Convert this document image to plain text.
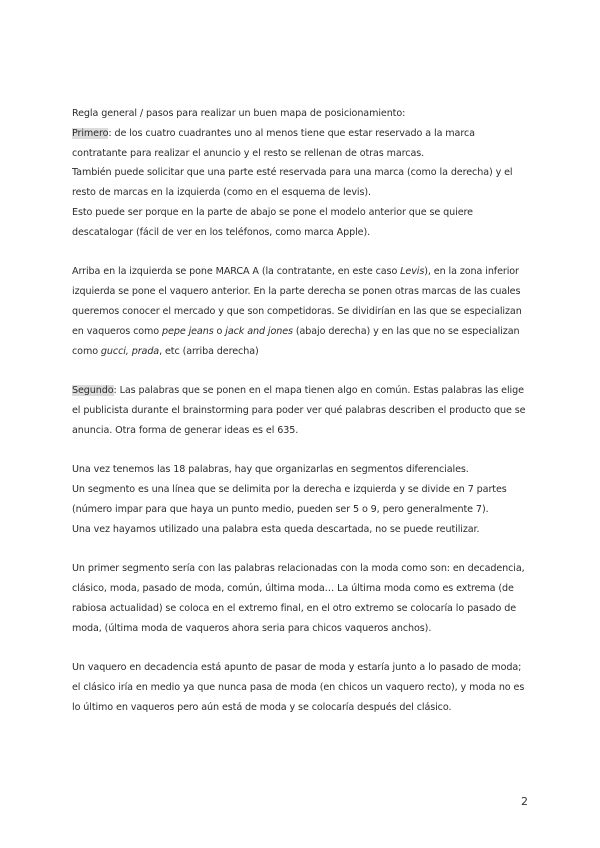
Regla general / pasos para realizar un buen mapa de posicionamiento:

Primero: de los cuatro cuadrantes uno al menos tiene que estar reservado a la marca contratante para realizar el anuncio y el resto se rellenan de otras marcas.

También puede solicitar que una parte esté reservada para una marca (como la derecha) y el resto de marcas en la izquierda (como en el esquema de levis).

Esto puede ser porque en la parte de abajo se pone el modelo anterior que se quiere descatalogar (fácil de ver en los teléfonos, como marca Apple).

Arriba en la izquierda se pone MARCA A (la contratante, en este caso Levis), en la zona inferior izquierda se pone el vaquero anterior. En la parte derecha se ponen otras marcas de las cuales queremos conocer el mercado y que son competidoras. Se dividirían en las que se especializan en vaqueros como pepe jeans o jack and jones (abajo derecha) y en las que no se especializan como gucci, prada, etc (arriba derecha)

Segundo: Las palabras que se ponen en el mapa tienen algo en común. Estas palabras las elige el publicista durante el brainstorming para poder ver qué palabras describen el producto que se anuncia. Otra forma de generar ideas es el 635.

Una vez tenemos las 18 palabras, hay que organizarlas en segmentos diferenciales.

Un segmento es una línea que se delimita por la derecha e izquierda y se divide en 7 partes (número impar para que haya un punto medio, pueden ser 5 o 9, pero generalmente 7).

Una vez hayamos utilizado una palabra esta queda descartada, no se puede reutilizar.

Un primer segmento sería con las palabras relacionadas con la moda como son: en decadencia, clásico, moda, pasado de moda, común, última moda… La última moda como es extrema (de rabiosa actualidad) se coloca en el extremo final, en el otro extremo se colocaría lo pasado de moda, (última moda de vaqueros ahora seria para chicos vaqueros anchos).

Un vaquero en decadencia está apunto de pasar de moda y estaría junto a lo pasado de moda; el clásico iría en medio ya que nunca pasa de moda (en chicos un vaquero recto), y moda no es lo último en vaqueros pero aún está de moda y se colocaría después del clásico.

2
